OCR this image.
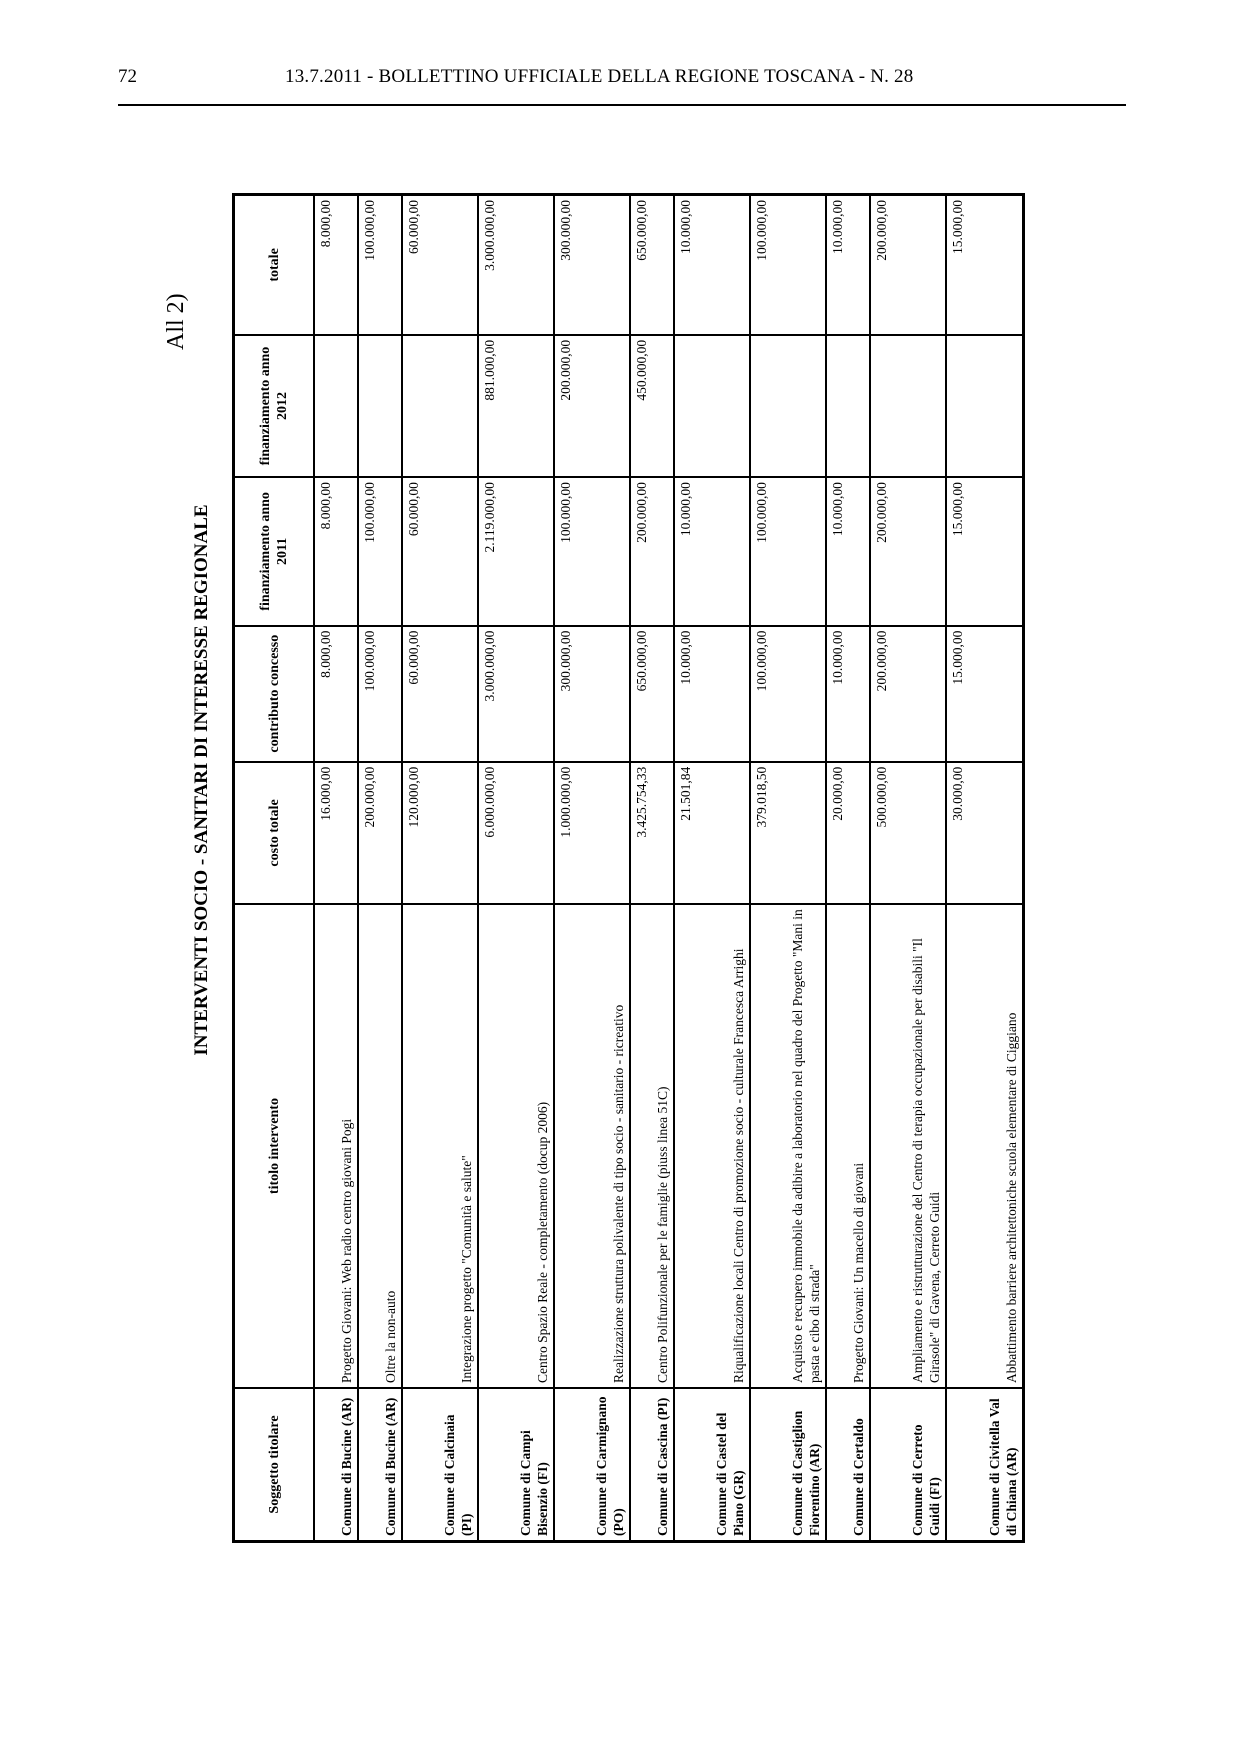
72	13.7.2011 - BOLLETTINO UFFICIALE DELLA REGIONE TOSCANA - N. 28
All 2)
INTERVENTI SOCIO - SANITARI DI INTERESSE REGIONALE
Soggetto titolare	titolo intervento	costo totale	contributo concesso	finanziamento anno 2011	finanziamento anno 2012	totale
Comune di Bucine (AR)	Progetto Giovani: Web radio centro giovani Pogi	16.000,00	8.000,00	8.000,00		8.000,00
Comune di Bucine (AR)	Oltre la non-auto	200.000,00	100.000,00	100.000,00		100.000,00
Comune di Calcinaia (PI)	Integrazione progetto "Comunità e salute"	120.000,00	60.000,00	60.000,00		60.000,00
Comune di Campi Bisenzio (FI)	Centro Spazio Reale - completamento (docup 2006)	6.000.000,00	3.000.000,00	2.119.000,00	881.000,00	3.000.000,00
Comune di Carmignano (PO)	Realizzazione struttura polivalente di tipo socio - sanitario - ricreativo	1.000.000,00	300.000,00	100.000,00	200.000,00	300.000,00
Comune di Cascina (PI)	Centro Polifunzionale per le famiglie (piuss linea 51C)	3.425.754,33	650.000,00	200.000,00	450.000,00	650.000,00
Comune di Castel del Piano (GR)	Riqualificazione locali Centro di promozione socio - culturale Francesca Arrighi	21.501,84	10.000,00	10.000,00		10.000,00
Comune di Castiglion Fiorentino (AR)	Acquisto e recupero immobile da adibire a laboratorio nel quadro del Progetto "Mani in pasta e cibo di strada"	379.018,50	100.000,00	100.000,00		100.000,00
Comune di Certaldo	Progetto Giovani: Un macello di giovani	20.000,00	10.000,00	10.000,00		10.000,00
Comune di Cerreto Guidi (FI)	Ampliamento e ristrutturazione del Centro di terapia occupazionale per disabili "Il Girasole" di Gavena, Cerreto Guidi	500.000,00	200.000,00	200.000,00		200.000,00
Comune di Civitella Val di Chiana (AR)	Abbattimento barriere architettoniche scuola elementare di Ciggiano	30.000,00	15.000,00	15.000,00		15.000,00
